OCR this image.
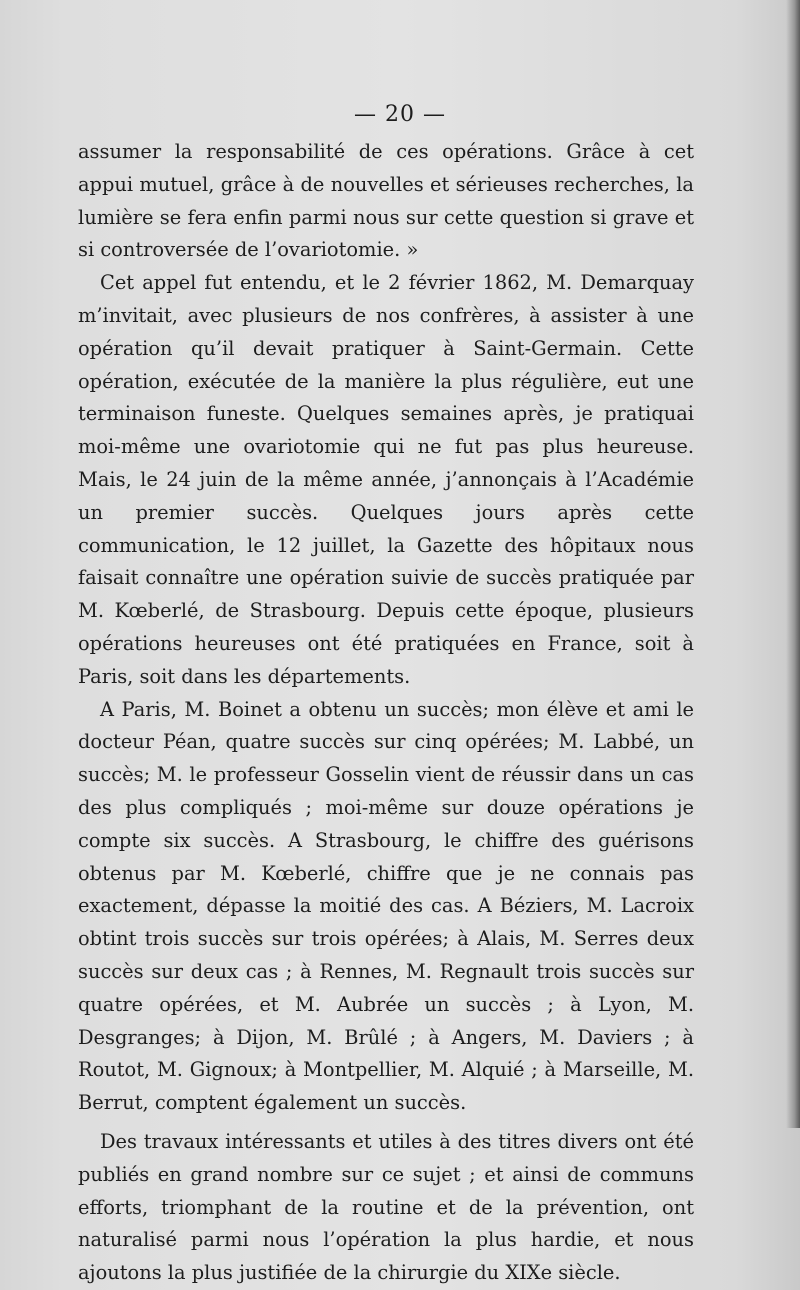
— 20 —

assumer la responsabilité de ces opérations. Grâce à cet appui mutuel, grâce à de nouvelles et sérieuses recherches, la lumière se fera enfin parmi nous sur cette question si grave et si controversée de l’ovariotomie. »

Cet appel fut entendu, et le 2 février 1862, M. Demarquay m’invitait, avec plusieurs de nos confrères, à assister à une opération qu’il devait pratiquer à Saint-Germain. Cette opération, exécutée de la manière la plus régulière, eut une terminaison funeste. Quelques semaines après, je pratiquai moi-même une ovariotomie qui ne fut pas plus heureuse. Mais, le 24 juin de la même année, j’annonçais à l’Académie un premier succès. Quelques jours après cette communication, le 12 juillet, la Gazette des hôpitaux nous faisait connaître une opération suivie de succès pratiquée par M. Kœberlé, de Strasbourg. Depuis cette époque, plusieurs opérations heureuses ont été pratiquées en France, soit à Paris, soit dans les départements.

A Paris, M. Boinet a obtenu un succès; mon élève et ami le docteur Péan, quatre succès sur cinq opérées; M. Labbé, un succès; M. le professeur Gosselin vient de réussir dans un cas des plus compliqués ; moi-même sur douze opérations je compte six succès. A Strasbourg, le chiffre des guérisons obtenus par M. Kœberlé, chiffre que je ne connais pas exactement, dépasse la moitié des cas. A Béziers, M. Lacroix obtint trois succès sur trois opérées; à Alais, M. Serres deux succès sur deux cas ; à Rennes, M. Regnault trois succès sur quatre opérées, et M. Aubrée un succès ; à Lyon, M. Desgranges; à Dijon, M. Brûlé ; à Angers, M. Daviers ; à Routot, M. Gignoux; à Montpellier, M. Alquié ; à Marseille, M. Berrut, comptent également un succès.

Des travaux intéressants et utiles à des titres divers ont été publiés en grand nombre sur ce sujet ; et ainsi de communs efforts, triomphant de la routine et de la prévention, ont naturalisé parmi nous l’opération la plus hardie, et nous ajoutons la plus justifiée de la chirurgie du XIXe siècle.
